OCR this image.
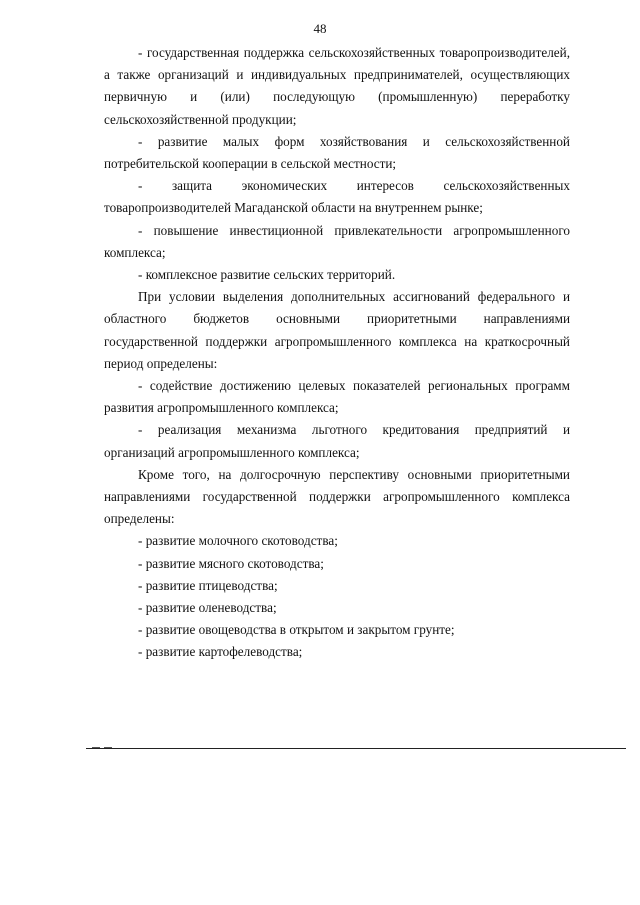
48

- государственная поддержка сельскохозяйственных товаропроизводителей, а также организаций и индивидуальных предпринимателей, осуществляющих первичную и (или) последующую (промышленную) переработку сельскохозяйственной продукции;

- развитие малых форм хозяйствования и сельскохозяйственной потребительской кооперации в сельской местности;

- защита экономических интересов сельскохозяйственных товаропроизводителей Магаданской области на внутреннем рынке;

- повышение инвестиционной привлекательности агропромышленного комплекса;

- комплексное развитие сельских территорий.

При условии выделения дополнительных ассигнований федерального и областного бюджетов основными приоритетными направлениями государственной поддержки агропромышленного комплекса на краткосрочный период определены:

- содействие достижению целевых показателей региональных программ развития агропромышленного комплекса;

- реализация механизма льготного кредитования предприятий и организаций агропромышленного комплекса;

Кроме того, на долгосрочную перспективу основными приоритетными направлениями государственной поддержки агропромышленного комплекса определены:

- развитие молочного скотоводства;

- развитие мясного скотоводства;

- развитие птицеводства;

- развитие оленеводства;

- развитие овощеводства в открытом и закрытом грунте;

- развитие картофелеводства;
